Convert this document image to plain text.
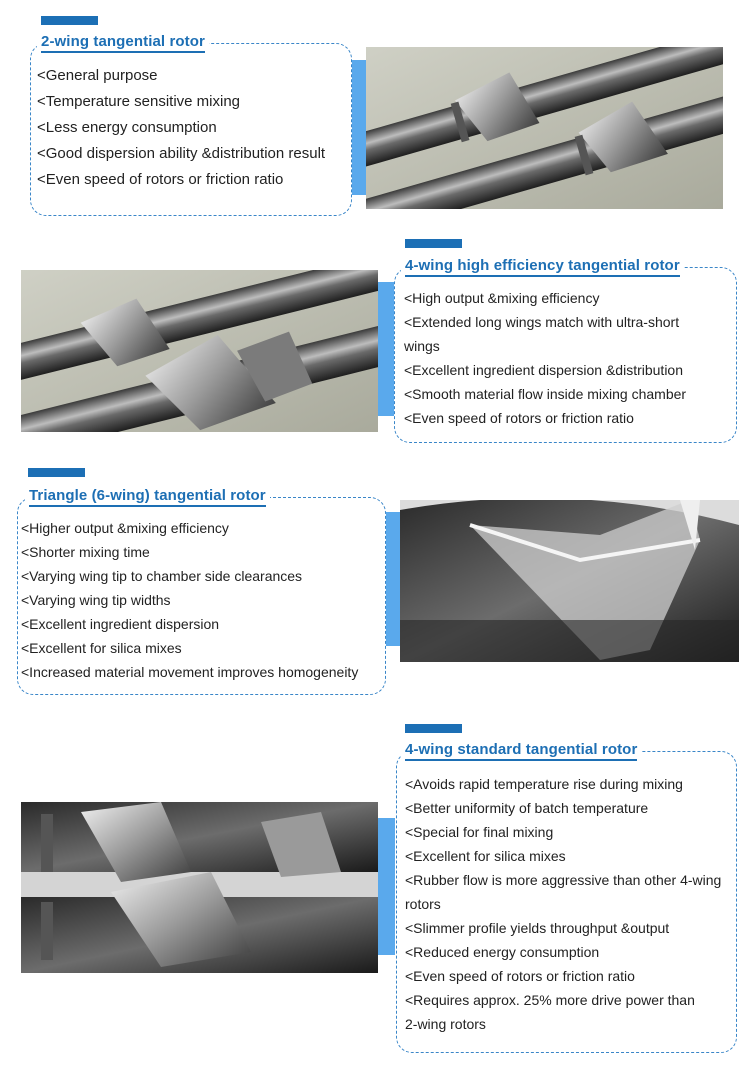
2-wing tangential rotor
<General purpose
<Temperature sensitive mixing
<Less energy consumption
<Good dispersion ability &distribution result
<Even speed of rotors or friction ratio
4-wing high efficiency tangential rotor
<High output &mixing efficiency
<Extended long wings match with ultra-short
wings
<Excellent ingredient dispersion &distribution
<Smooth material flow inside mixing chamber
<Even speed of rotors or friction ratio
Triangle (6-wing) tangential rotor
<Higher output &mixing efficiency
<Shorter mixing time
<Varying wing tip to chamber side clearances
<Varying wing tip widths
<Excellent ingredient dispersion
<Excellent for silica mixes
<Increased material movement improves homogeneity
4-wing standard tangential rotor
<Avoids rapid temperature rise during mixing
<Better uniformity of batch temperature
<Special for final mixing
<Excellent for silica mixes
<Rubber flow is more aggressive than other 4-wing
rotors
<Slimmer profile yields throughput &output
<Reduced energy consumption
<Even speed of rotors or friction ratio
<Requires approx. 25% more drive power than
2-wing rotors
